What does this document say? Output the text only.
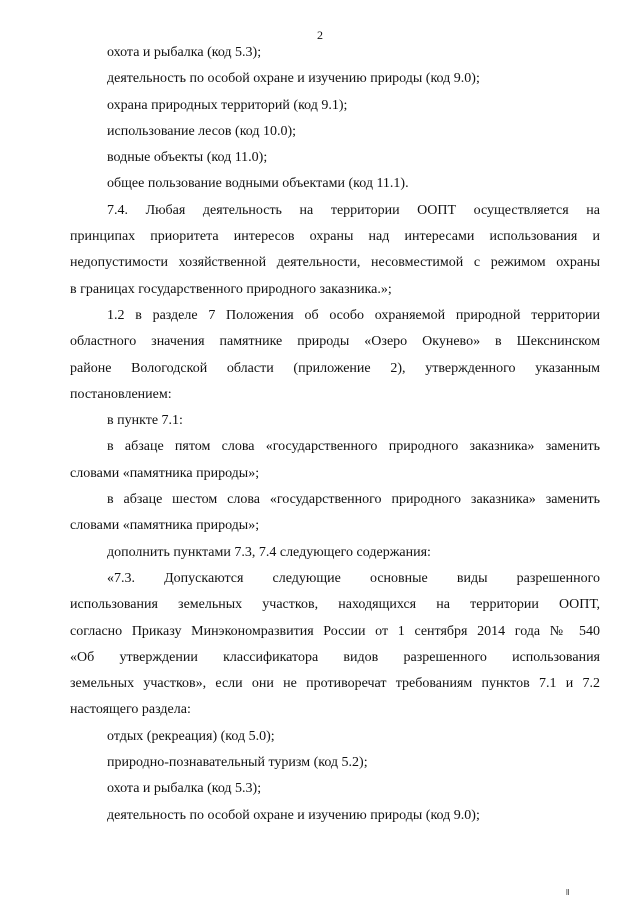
2

охота и рыбалка (код 5.3);

деятельность по особой охране и изучению природы (код 9.0);

охрана природных территорий (код 9.1);

использование лесов (код 10.0);

водные объекты (код 11.0);

общее пользование водными объектами (код 11.1).

7.4. Любая деятельность на территории ООПТ осуществляется на

принципах приоритета интересов охраны над интересами использования и

недопустимости хозяйственной деятельности, несовместимой с режимом охраны

в границах государственного природного заказника.»;

1.2 в разделе 7 Положения об особо охраняемой природной территории

областного значения памятнике природы «Озеро Окунево» в Шекснинском

районе Вологодской области (приложение 2), утвержденного указанным

постановлением:

в пункте 7.1:

в абзаце пятом слова «государственного природного заказника» заменить

словами «памятника природы»;

в абзаце шестом слова «государственного природного заказника» заменить

словами «памятника природы»;

дополнить пунктами 7.3, 7.4 следующего содержания:

«7.3. Допускаются следующие основные виды разрешенного

использования земельных участков, находящихся на территории ООПТ,

согласно Приказу Минэкономразвития России от 1 сентября 2014 года № 540

«Об утверждении классификатора видов разрешенного использования

земельных участков», если они не противоречат требованиям пунктов 7.1 и 7.2

настоящего раздела:

отдых (рекреация) (код 5.0);

природно-познавательный туризм (код 5.2);

охота и рыбалка (код 5.3);

деятельность по особой охране и изучению природы (код 9.0);

ll
